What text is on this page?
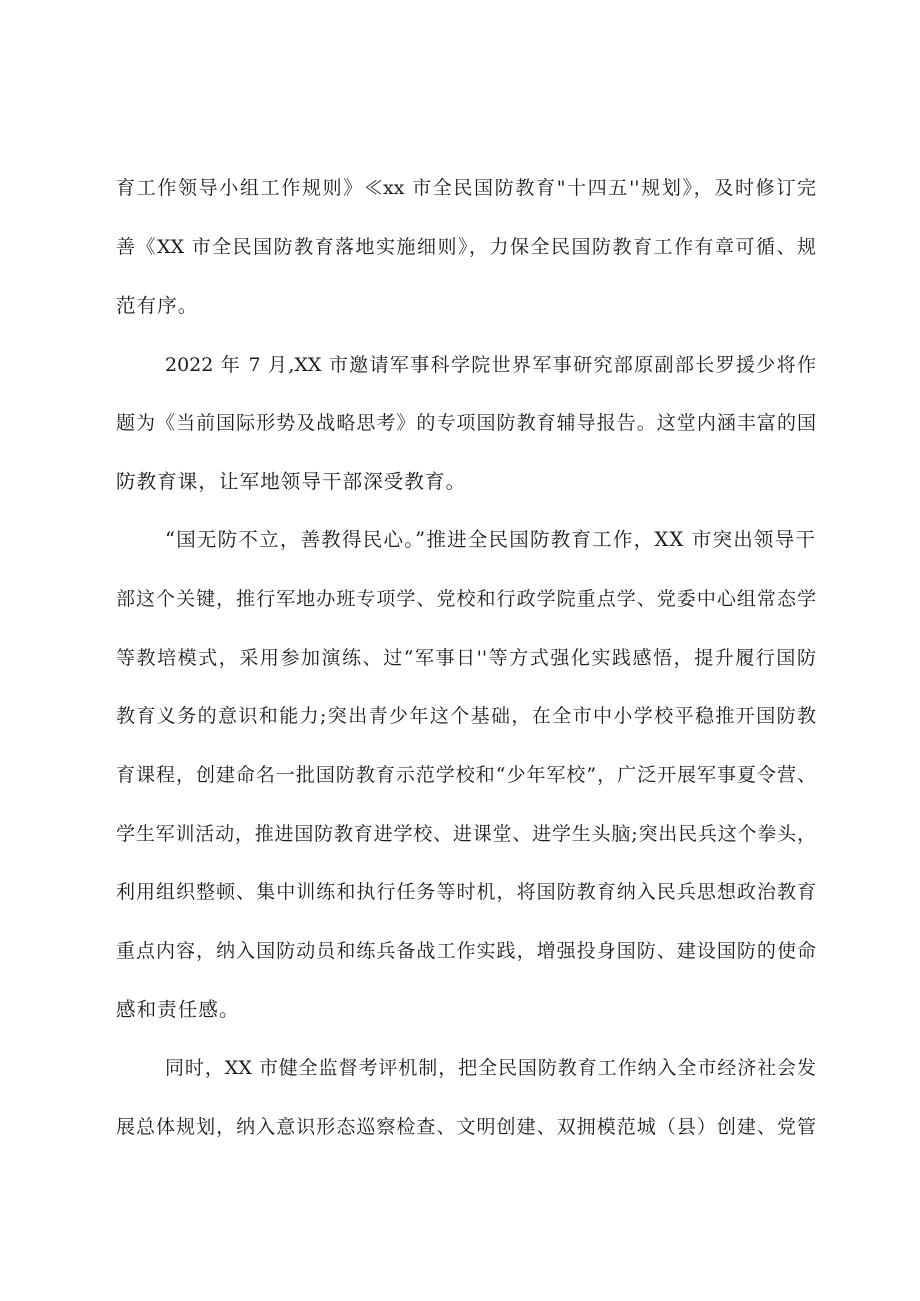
育工作领导小组工作规则》≪xx 市全民国防教育"十四五''规划》，及时修订完
善《XX 市全民国防教育落地实施细则》，力保全民国防教育工作有章可循、规
范有序。
2022 年 7 月,XX 市邀请军事科学院世界军事研究部原副部长罗援少将作
题为《当前国际形势及战略思考》的专项国防教育辅导报告。这堂内涵丰富的国
防教育课，让军地领导干部深受教育。
“国无防不立，善教得民心。”推进全民国防教育工作，XX 市突出领导干
部这个关键，推行军地办班专项学、党校和行政学院重点学、党委中心组常态学
等教培模式，采用参加演练、过“军事日''等方式强化实践感悟，提升履行国防
教育义务的意识和能力;突出青少年这个基础，在全市中小学校平稳推开国防教
育课程，创建命名一批国防教育示范学校和“少年军校”，广泛开展军事夏令营、
学生军训活动，推进国防教育进学校、进课堂、进学生头脑;突出民兵这个拳头，
利用组织整顿、集中训练和执行任务等时机，将国防教育纳入民兵思想政治教育
重点内容，纳入国防动员和练兵备战工作实践，增强投身国防、建设国防的使命
感和责任感。
同时，XX 市健全监督考评机制，把全民国防教育工作纳入全市经济社会发
展总体规划，纳入意识形态巡察检查、文明创建、双拥模范城（县）创建、党管
